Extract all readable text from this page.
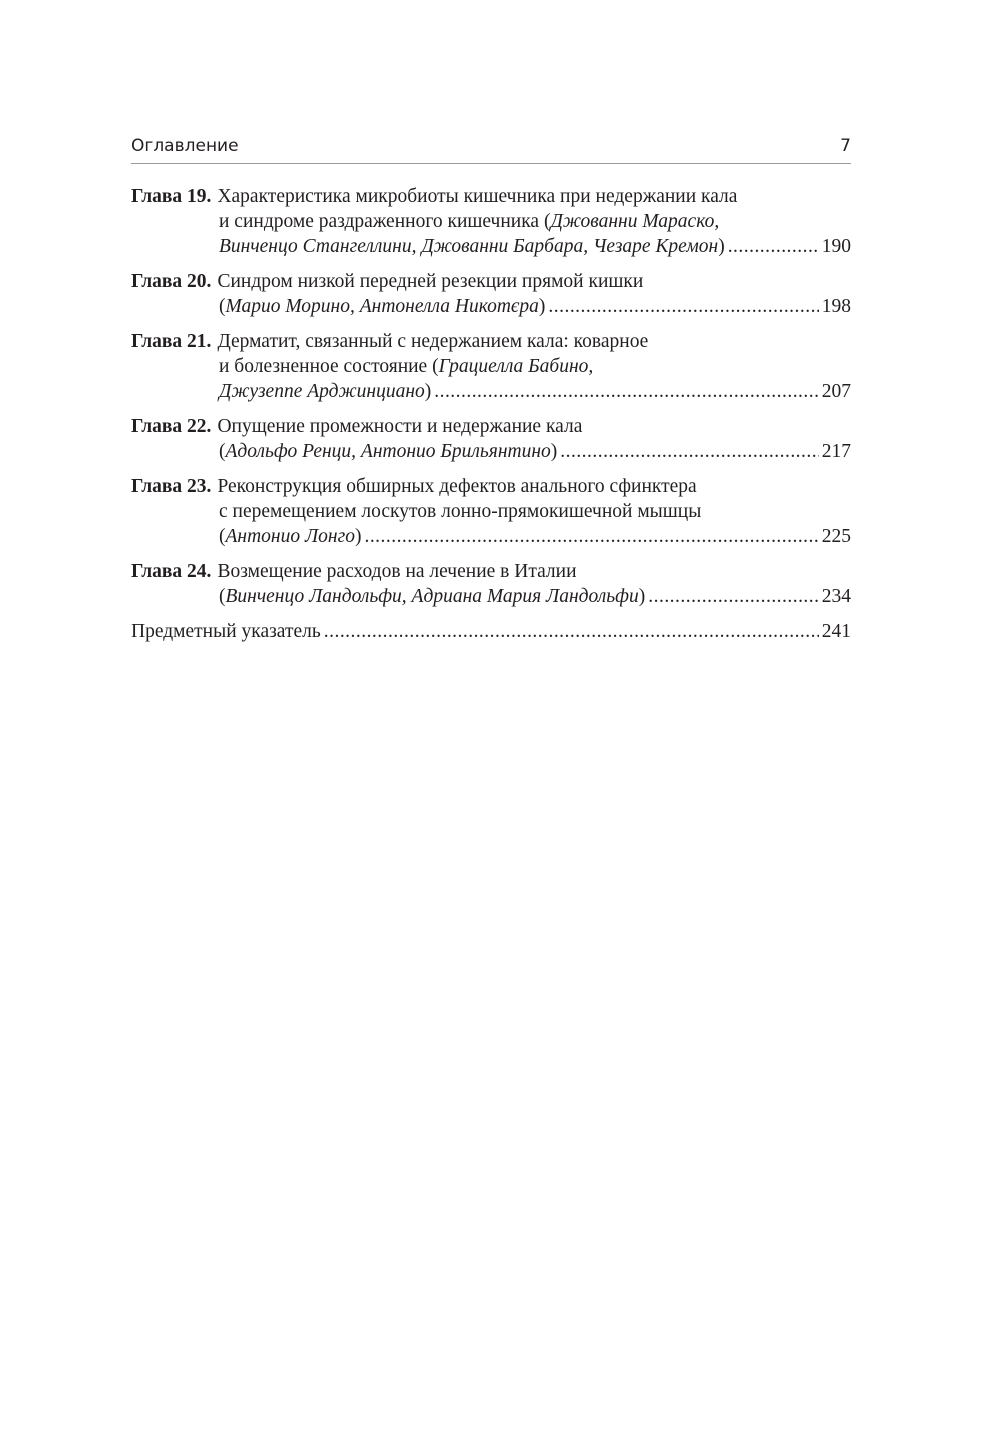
Оглавление	7
Глава 19. Характеристика микробиоты кишечника при недержании кала
и синдроме раздраженного кишечника ( Джованни Мараско,
Винченцо Стангеллини, Джованни Барбара, Чезаре Кремон ) . . .	190
Глава 20. Синдром низкой передней резекции прямой кишки
( Марио Морино, Антонелла Никотєра ) . . .	198
Глава 21. Дерматит, связанный с недержанием кала: коварное
и болезненное состояние ( Грациелла Бабино,
Джузеппе Арджинциано ) . . .	207
Глава 22. Опущение промежности и недержание кала
( Адольфо Ренци, Антонио Брильянтино ) . . .	217
Глава 23. Реконструкция обширных дефектов анального сфинктера
с перемещением лоскутов лонно-прямокишечной мышцы
( Антонио Лонго ) . . .	225
Глава 24. Возмещение расходов на лечение в Италии
( Винченцо Ландольфи, Адриана Мария Ландольфи ) . . .	234
Предметный указатель . . .	241
